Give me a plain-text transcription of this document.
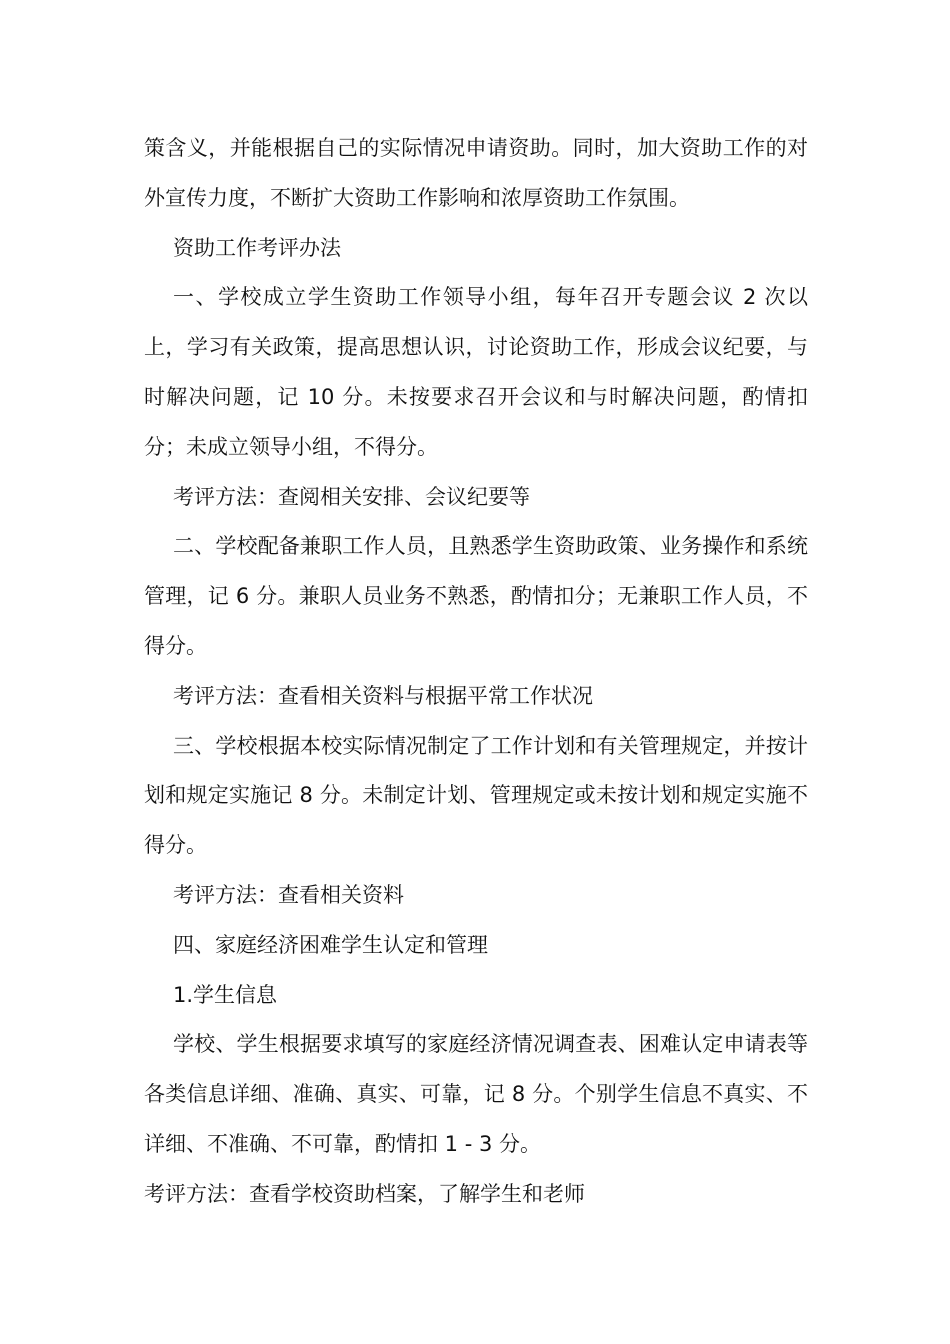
策含义，并能根据自己的实际情况申请资助。同时，加大资助工作的对外宣传力度，不断扩大资助工作影响和浓厚资助工作氛围。

资助工作考评办法

一、学校成立学生资助工作领导小组，每年召开专题会议 2 次以上，学习有关政策，提高思想认识，讨论资助工作，形成会议纪要，与时解决问题，记 10 分。未按要求召开会议和与时解决问题，酌情扣分；未成立领导小组，不得分。

考评方法：查阅相关安排、会议纪要等

二、学校配备兼职工作人员，且熟悉学生资助政策、业务操作和系统管理，记 6 分。兼职人员业务不熟悉，酌情扣分；无兼职工作人员，不得分。

考评方法：查看相关资料与根据平常工作状况

三、学校根据本校实际情况制定了工作计划和有关管理规定，并按计划和规定实施记 8 分。未制定计划、管理规定或未按计划和规定实施不得分。

考评方法：查看相关资料

四、家庭经济困难学生认定和管理

1.学生信息

学校、学生根据要求填写的家庭经济情况调查表、困难认定申请表等各类信息详细、准确、真实、可靠，记 8 分。个别学生信息不真实、不详细、不准确、不可靠，酌情扣 1 - 3 分。

考评方法：查看学校资助档案，了解学生和老师
